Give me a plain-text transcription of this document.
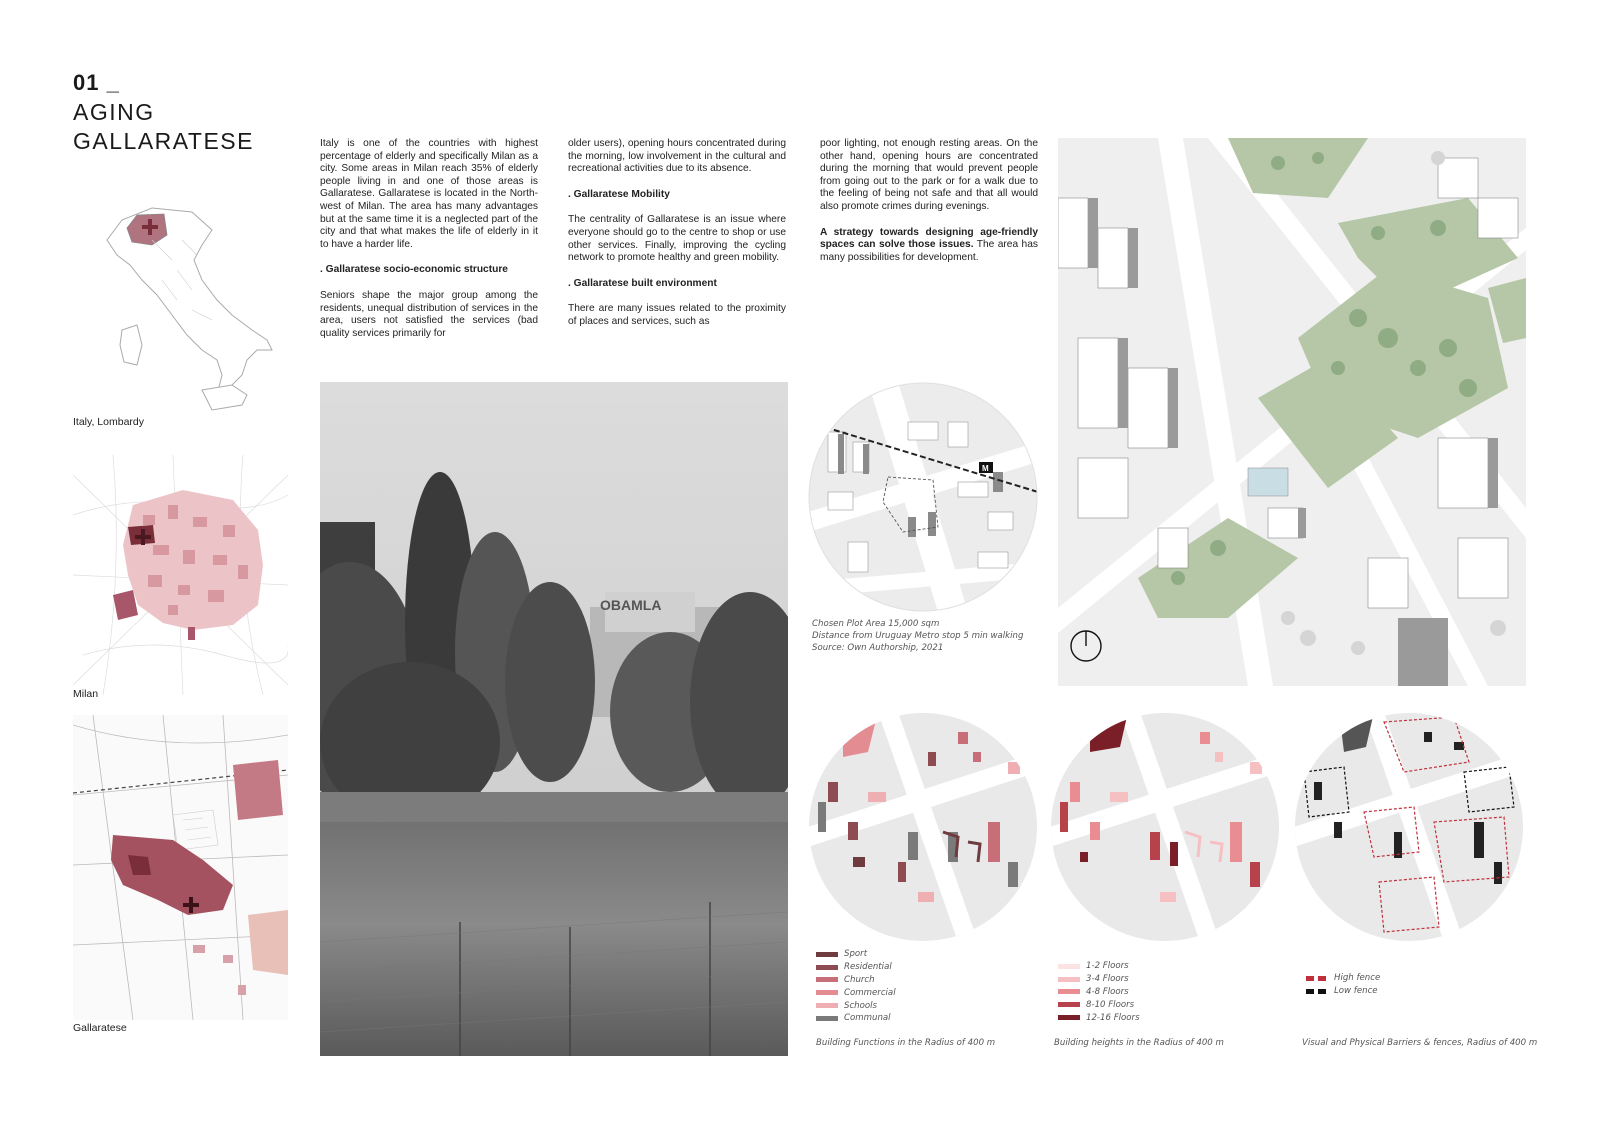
01 _
AGING
GALLARATESE
Italy, Lombardy
Milan
Gallaratese

Italy is one of the countries with highest percentage of elderly and specifically Milan as a city. Some areas in Milan reach 35% of elderly people living in and one of those areas is Gallaratese. Gallaratese is located in the North-west of Milan. The area has many advantages but at the same time it is a neglected part of the city and that what makes the life of elderly in it to have a harder life.

. Gallaratese socio-economic structure

Seniors shape the major group among the residents, unequal distribution of services in the area, users not satisfied the services (bad quality services primarily for

older users), opening hours concentrated during the morning, low involvement in the cultural and recreational activities due to its absence.

. Gallaratese Mobility

The centrality of Gallaratese is an issue where everyone should go to the centre to shop or use other services. Finally, improving the cycling network to promote healthy and green mobility.

. Gallaratese built environment

There are many issues related to the proximity of places and services, such as

poor lighting, not enough resting areas. On the other hand, opening hours are concentrated during the morning that would prevent people from going out to the park or for a walk due to the feeling of being not safe and that all would also promote crimes during evenings.

A strategy towards designing age-friendly spaces can solve those issues. The area has many possibilities for development.

OBAMLA
M
Chosen Plot Area 15,000 sqm
Distance from Uruguay Metro stop 5 min walking
Source: Own Authorship, 2021
Sport
Residential
Church
Commercial
Schools
Communal
Building Functions in the Radius of 400 m
1-2 Floors
3-4 Floors
4-8 Floors
8-10 Floors
12-16 Floors
Building heights in the Radius of 400 m
High fence
Low fence
Visual and Physical Barriers & fences, Radius of 400 m
